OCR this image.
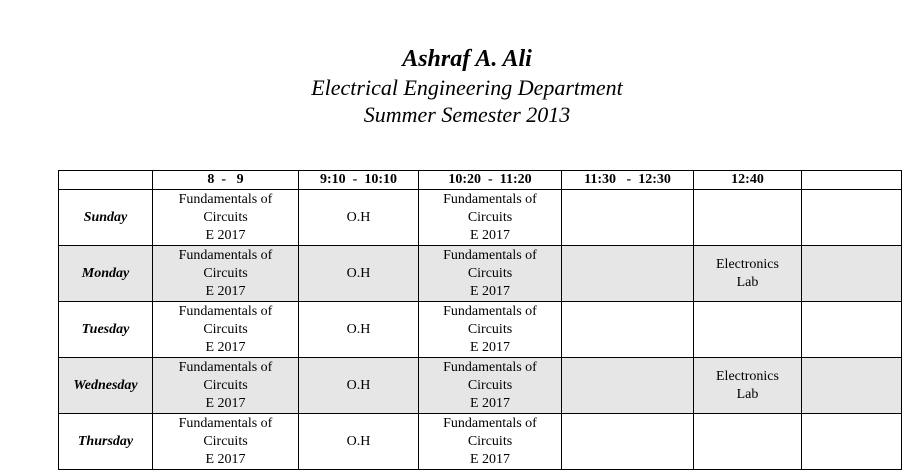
Ashraf A. Ali
Electrical Engineering Department
Summer Semester 2013
	8  -   9	9:10  -  10:10	10:20  -  11:20	11:30   -  12:30	12:40	
Sunday	Fundamentals of
Circuits
E 2017	O.H	Fundamentals of
Circuits
E 2017			

Monday	Fundamentals of
Circuits
E 2017	O.H	Fundamentals of
Circuits
E 2017		Electronics
Lab	

Tuesday	Fundamentals of
Circuits
E 2017	O.H	Fundamentals of
Circuits
E 2017			

Wednesday	Fundamentals of
Circuits
E 2017	O.H	Fundamentals of
Circuits
E 2017		Electronics
Lab	

Thursday	Fundamentals of
Circuits
E 2017	O.H	Fundamentals of
Circuits
E 2017			
